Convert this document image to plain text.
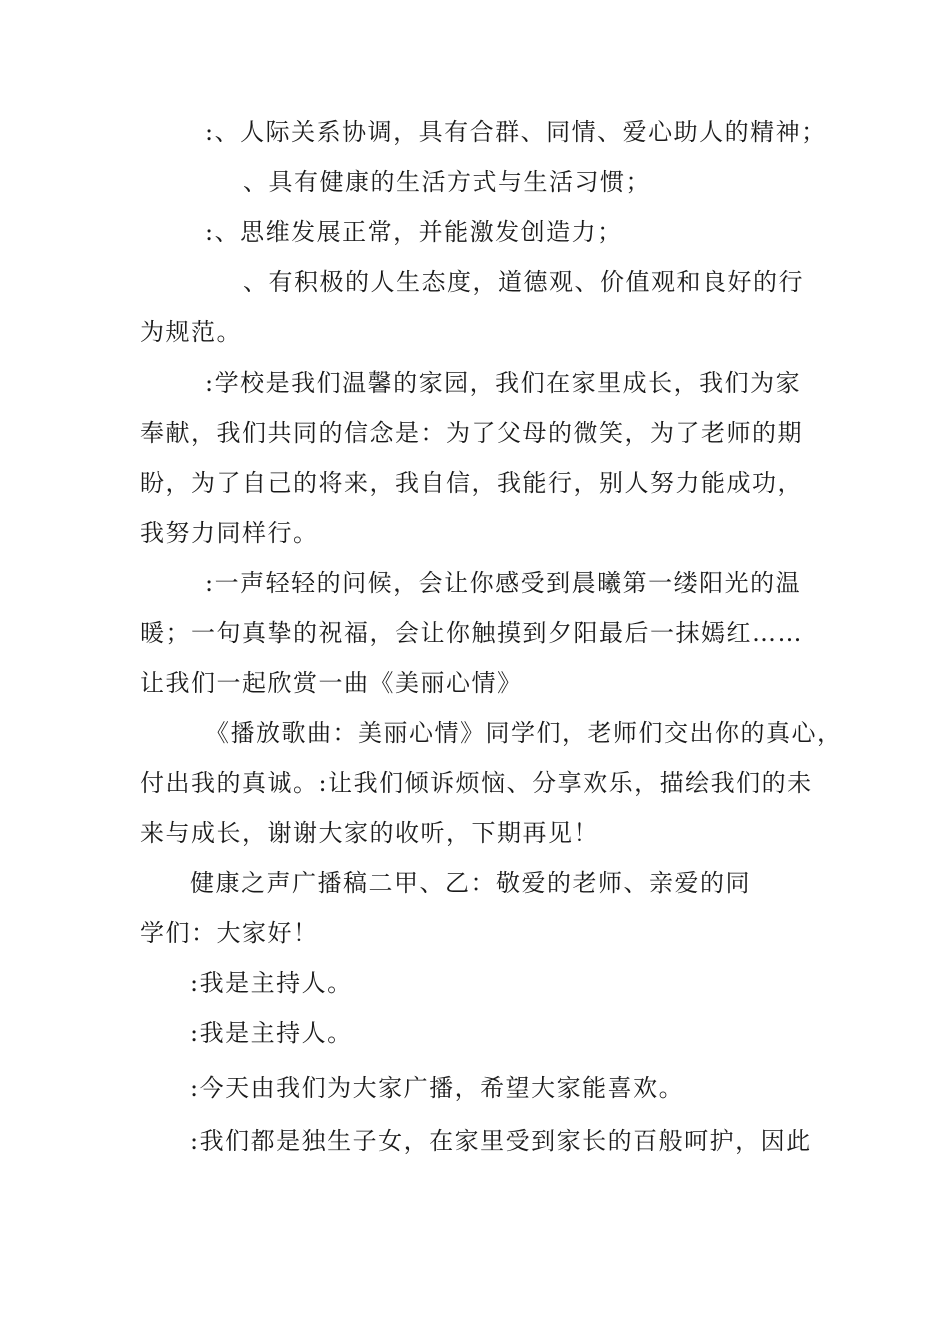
:、人际关系协调，具有合群、同情、爱心助人的精神；

、具有健康的生活方式与生活习惯；

:、思维发展正常，并能激发创造力；

、有积极的人生态度，道德观、价值观和良好的行

为规范。

:学校是我们温馨的家园，我们在家里成长，我们为家

奉献，我们共同的信念是：为了父母的微笑，为了老师的期

盼，为了自己的将来，我自信，我能行，别人努力能成功，

我努力同样行。

:一声轻轻的问候，会让你感受到晨曦第一缕阳光的温

暖；一句真挚的祝福，会让你触摸到夕阳最后一抹嫣红……

让我们一起欣赏一曲《美丽心情》

《播放歌曲：美丽心情》同学们，老师们交出你的真心，

付出我的真诚。:让我们倾诉烦恼、分享欢乐，描绘我们的未

来与成长，谢谢大家的收听，下期再见！

健康之声广播稿二甲、乙：敬爱的老师、亲爱的同

学们：大家好！

:我是主持人。

:我是主持人。

:今天由我们为大家广播，希望大家能喜欢。

:我们都是独生子女，在家里受到家长的百般呵护，因此
